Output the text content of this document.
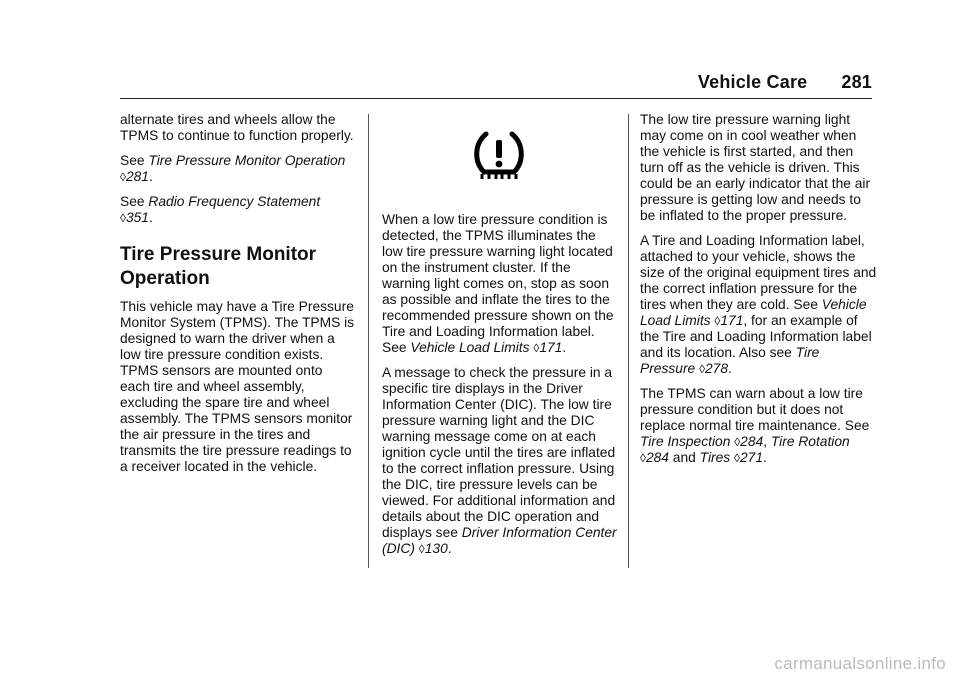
Vehicle Care 281

alternate tires and wheels allow the TPMS to continue to function properly.

See Tire Pressure Monitor Operation ◊281.

See Radio Frequency Statement ◊351.

Tire Pressure Monitor
Operation

This vehicle may have a Tire Pressure Monitor System (TPMS). The TPMS is designed to warn the driver when a low tire pressure condition exists. TPMS sensors are mounted onto each tire and wheel assembly, excluding the spare tire and wheel assembly. The TPMS sensors monitor the air pressure in the tires and transmits the tire pressure readings to a receiver located in the vehicle.

When a low tire pressure condition is detected, the TPMS illuminates the low tire pressure warning light located on the instrument cluster. If the warning light comes on, stop as soon as possible and inflate the tires to the recommended pressure shown on the Tire and Loading Information label. See Vehicle Load Limits ◊171.

A message to check the pressure in a specific tire displays in the Driver Information Center (DIC). The low tire pressure warning light and the DIC warning message come on at each ignition cycle until the tires are inflated to the correct inflation pressure. Using the DIC, tire pressure levels can be viewed. For additional information and details about the DIC operation and displays see Driver Information Center (DIC) ◊130.

The low tire pressure warning light may come on in cool weather when the vehicle is first started, and then turn off as the vehicle is driven. This could be an early indicator that the air pressure is getting low and needs to be inflated to the proper pressure.

A Tire and Loading Information label, attached to your vehicle, shows the size of the original equipment tires and the correct inflation pressure for the tires when they are cold. See Vehicle Load Limits ◊171, for an example of the Tire and Loading Information label and its location. Also see Tire Pressure ◊278.

The TPMS can warn about a low tire pressure condition but it does not replace normal tire maintenance. See Tire Inspection ◊284, Tire Rotation ◊284 and Tires ◊271.

carmanualsonline.info
